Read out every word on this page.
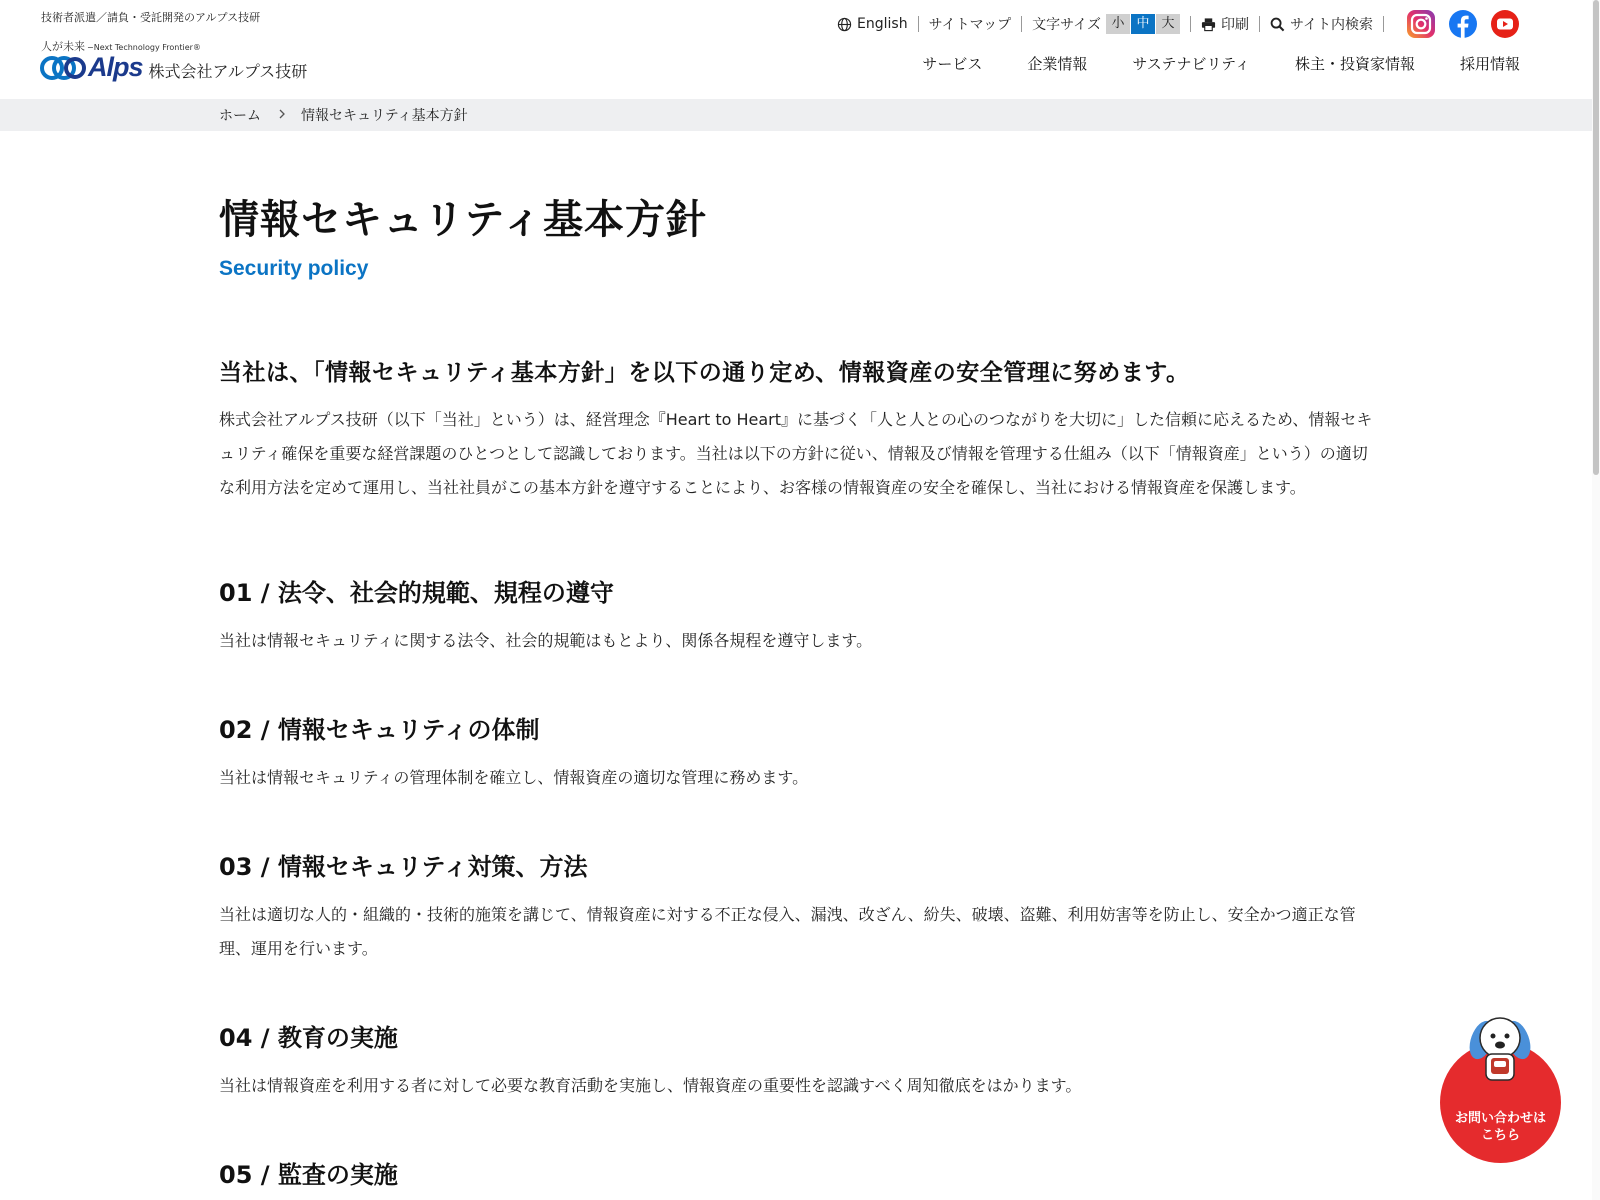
技術者派遣／請負・受託開発のアルプス技研
人が未来 −Next Technology Frontier®
Alps 株式会社アルプス技研
English サイトマップ 文字サイズ 小 中 大	印刷	サイト内検索
サービス	企業情報	サステナビリティ	株主・投資家情報	採用情報
ホーム	情報セキュリティ基本方針
情報セキュリティ基本方針
Security policy
当社は、「情報セキュリティ基本方針」を以下の通り定め、情報資産の安全管理に努めます。

株式会社アルプス技研（以下「当社」という）は、経営理念『Heart to Heart』に基づく「人と人との心のつながりを大切に」した信頼に応えるため、情報セキュリティ確保を重要な経営課題のひとつとして認識しております。当社は以下の方針に従い、情報及び情報を管理する仕組み（以下「情報資産」という）の適切な利用方法を定めて運用し、当社社員がこの基本方針を遵守することにより、お客様の情報資産の安全を確保し、当社における情報資産を保護します。

01 / 法令、社会的規範、規程の遵守

当社は情報セキュリティに関する法令、社会的規範はもとより、関係各規程を遵守します。

02 / 情報セキュリティの体制

当社は情報セキュリティの管理体制を確立し、情報資産の適切な管理に務めます。

03 / 情報セキュリティ対策、方法

当社は適切な人的・組織的・技術的施策を講じて、情報資産に対する不正な侵入、漏洩、改ざん、紛失、破壊、盗難、利用妨害等を防止し、安全かつ適正な管理、運用を行います。

04 / 教育の実施

当社は情報資産を利用する者に対して必要な教育活動を実施し、情報資産の重要性を認識すべく周知徹底をはかります。

05 / 監査の実施
お問い合わせは
こちら
